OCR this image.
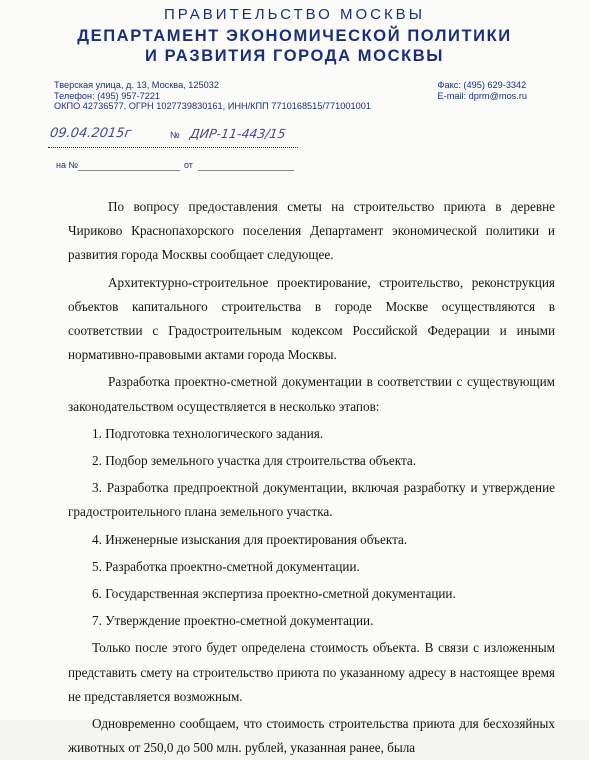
ПРАВИТЕЛЬСТВО МОСКВЫ
ДЕПАРТАМЕНТ ЭКОНОМИЧЕСКОЙ ПОЛИТИКИ
И РАЗВИТИЯ ГОРОДА МОСКВЫ
Тверская улица, д. 13, Москва, 125032
Телефон: (495) 957-7221
ОКПО 42736577, ОГРН 1027739830161, ИНН/КПП 7710168515/771001001
Факс: (495) 629-3342
E-mail: dprm@mos.ru
09.04.2015г	№ ДИР-11-443/15
на №	от

По вопросу предоставления сметы на строительство приюта в деревне Чириково Краснопахорского поселения Департамент экономической политики и развития города Москвы сообщает следующее.

Архитектурно-строительное проектирование, строительство, реконструкция объектов капитального строительства в городе Москве осуществляются в соответствии с Градостроительным кодексом Российской Федерации и иными нормативно-правовыми актами города Москвы.

Разработка проектно-сметной документации в соответствии с существующим законодательством осуществляется в несколько этапов:

1. Подготовка технологического задания.

2. Подбор земельного участка для строительства объекта.

3. Разработка предпроектной документации, включая разработку и утверждение градостроительного плана земельного участка.

4. Инженерные изыскания для проектирования объекта.

5. Разработка проектно-сметной документации.

6. Государственная экспертиза проектно-сметной документации.

7. Утверждение проектно-сметной документации.

Только после этого будет определена стоимость объекта. В связи с изложенным представить смету на строительство приюта по указанному адресу в настоящее время не представляется возможным.

Одновременно сообщаем, что стоимость строительства приюта для бесхозяйных животных от 250,0 до 500 млн. рублей, указанная ранее, была
